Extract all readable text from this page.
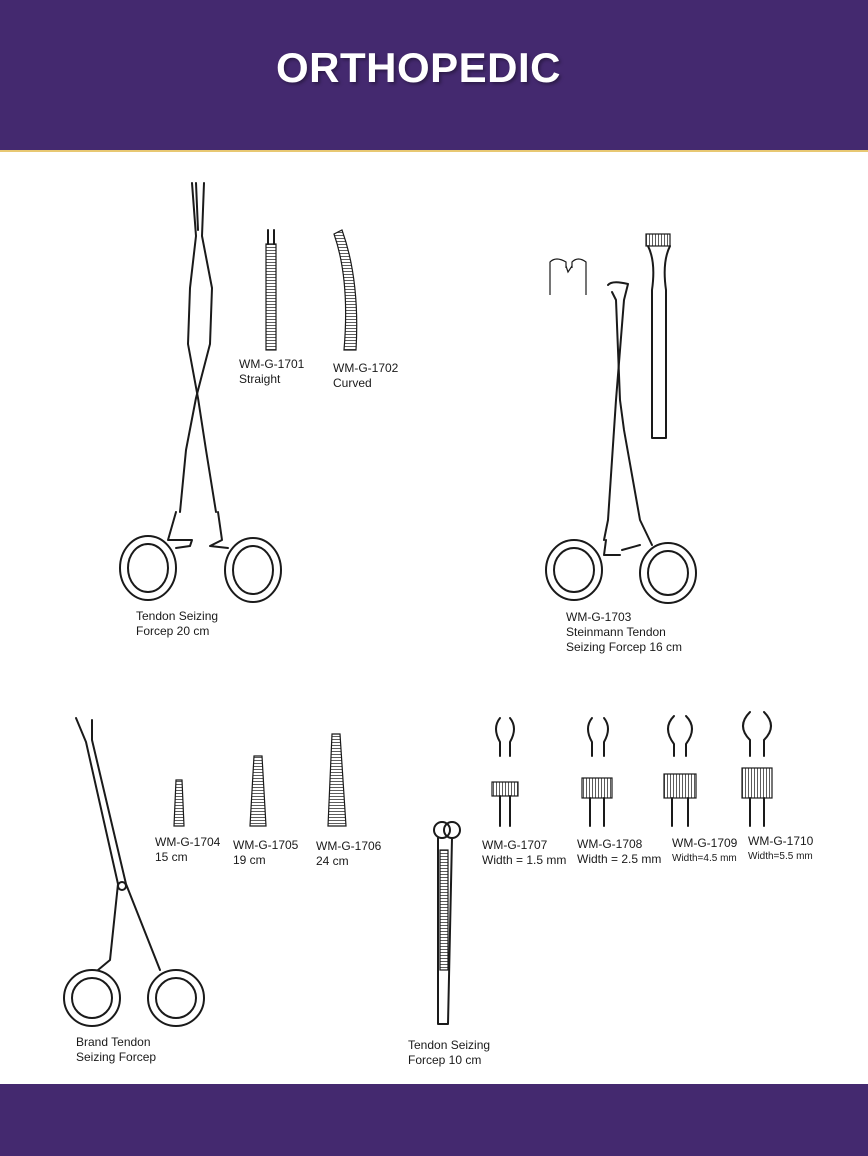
ORTHOPEDIC
Tendon Seizing
Forcep 20 cm
WM-G-1701
Straight
WM-G-1702
Curved
WM-G-1703
Steinmann Tendon
Seizing Forcep 16 cm
WM-G-1704
15 cm
WM-G-1705
19 cm
WM-G-1706
24 cm
WM-G-1707
Width = 1.5 mm
WM-G-1708
Width = 2.5 mm
WM-G-1709
Width=4.5 mm
WM-G-1710
Width=5.5 mm
Brand Tendon
Seizing Forcep
Tendon Seizing
Forcep 10 cm
